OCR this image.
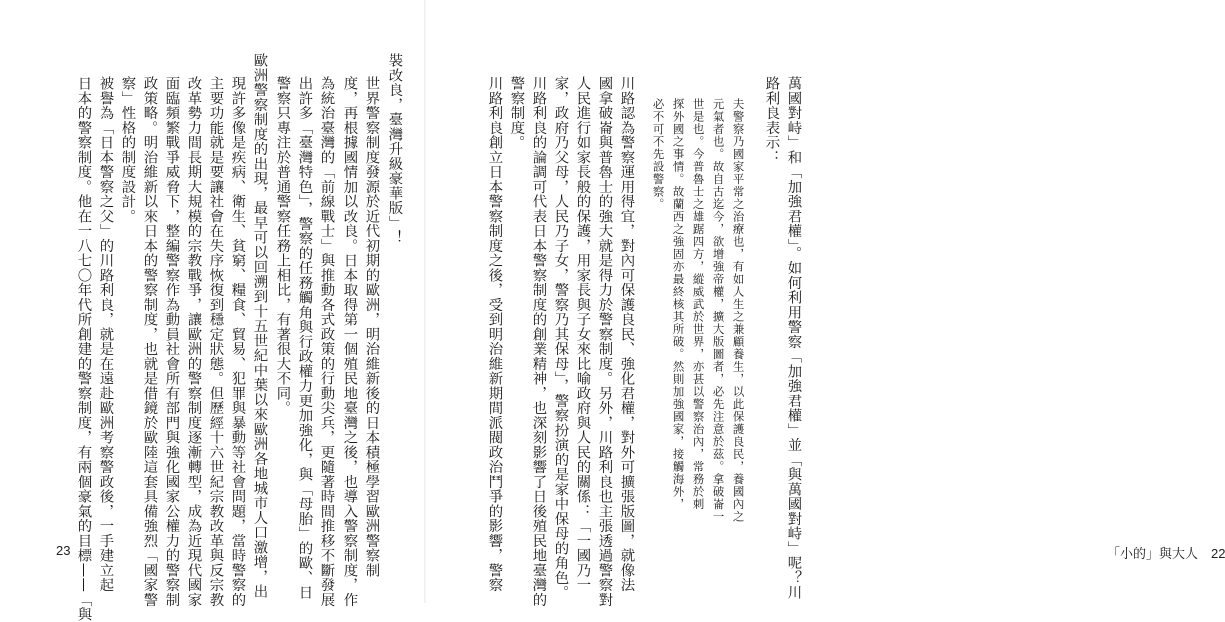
裝改良，臺灣升級豪華版」！
世界警察制度發源於近代初期的歐洲，明治維新後的日本積極學習歐洲警察制
度，再根據國情加以改良。日本取得第一個殖民地臺灣之後，也導入警察制度，作
為統治臺灣的「前線戰士」與推動各式政策的行動尖兵，更隨著時間推移不斷發展
出許多「臺灣特色」，警察的任務觸角與行政權力更加強化，與「母胎」的歐、日
警察只專注於普通警察任務上相比，有著很大不同。
歐洲警察制度的出現，最早可以回溯到十五世紀中葉以來歐洲各地城市人口激增，出
現許多像是疾病、衛生、貧窮、糧食、貿易、犯罪與暴動等社會問題，當時警察的
主要功能就是要讓社會在失序恢復到穩定狀態。但歷經十六世紀宗教改革與反宗教
改革勢力間長期大規模的宗教戰爭，讓歐洲的警察制度逐漸轉型，成為近現代國家
面臨頻繁戰爭威脅下，整編警察作為動員社會所有部門與強化國家公權力的警察制
政策略。明治維新以來日本的警察制度，也就是借鏡於歐陸這套具備強烈「國家警
察」性格的制度設計。
被譽為「日本警察之父」的川路利良，就是在遠赴歐洲考察警政後，一手建立起
日本的警察制度。他在一八七〇年代所創建的警察制度，有兩個豪氣的目標——「與
23	萬國對峙」和「加強君權」。如何利用警察「加強君權」並「與萬國對峙」呢？川
路利良表示：
夫警察乃國家平常之治療也，有如人生之兼顧養生，以此保護良民，養國內之
元氣者也。故自古迄今，欲增強帝權，擴大版圖者，必先注意於茲。拿破崙一
世是也。今普魯士之雄踞四方，縱威武於世界，亦甚以警察治內，常務於刺
探外國之事情。故蘭西之強固亦最終核其所破。然則加強國家，接觸海外，
必不可不先設警察。
川路認為警察運用得宜，對內可保護良民、強化君權，對外可擴張版圖，就像法
國拿破崙與普魯士的強大就是得力於警察制度。另外，川路利良也主張透過警察對
人民進行如家長般的保護，用家長與子女來比喻政府與人民的關係：「一國乃一
家，政府乃父母，人民乃子女，警察乃其保母」，警察扮演的是家中保母的角色。
川路利良的論調可代表日本警察制度的創業精神，也深刻影響了日後殖民地臺灣的
警察制度。
川路利良創立日本警察制度之後，受到明治維新期間派閥政治鬥爭的影響，警察	「小的」與大人　22
